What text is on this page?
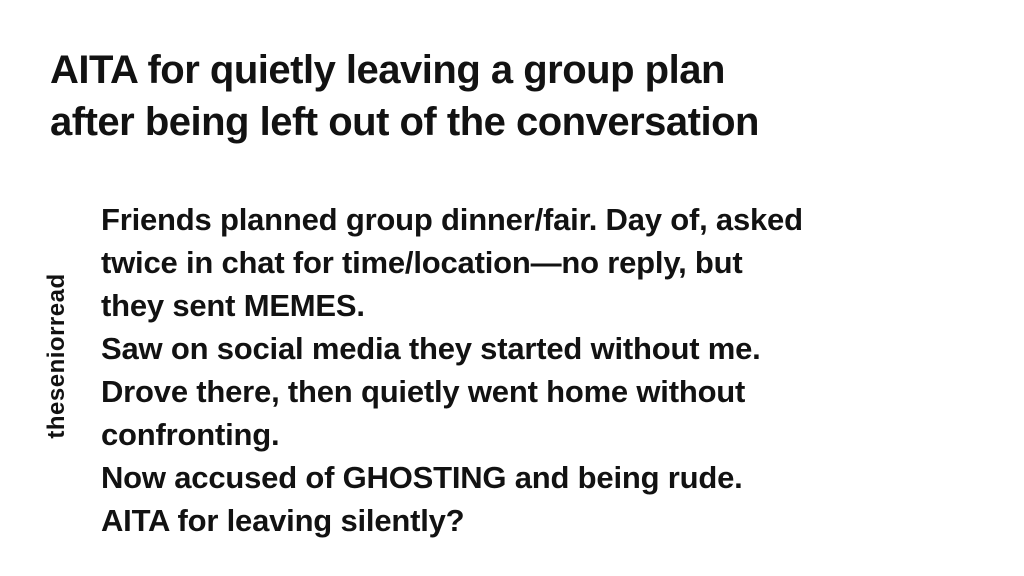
theseniorread
AITA for quietly leaving a group plan
after being left out of the conversation
Friends planned group dinner/fair. Day of, asked
twice in chat for time/location—no reply, but
they sent MEMES.
Saw on social media they started without me.
Drove there, then quietly went home without
confronting.
Now accused of GHOSTING and being rude.
AITA for leaving silently?
